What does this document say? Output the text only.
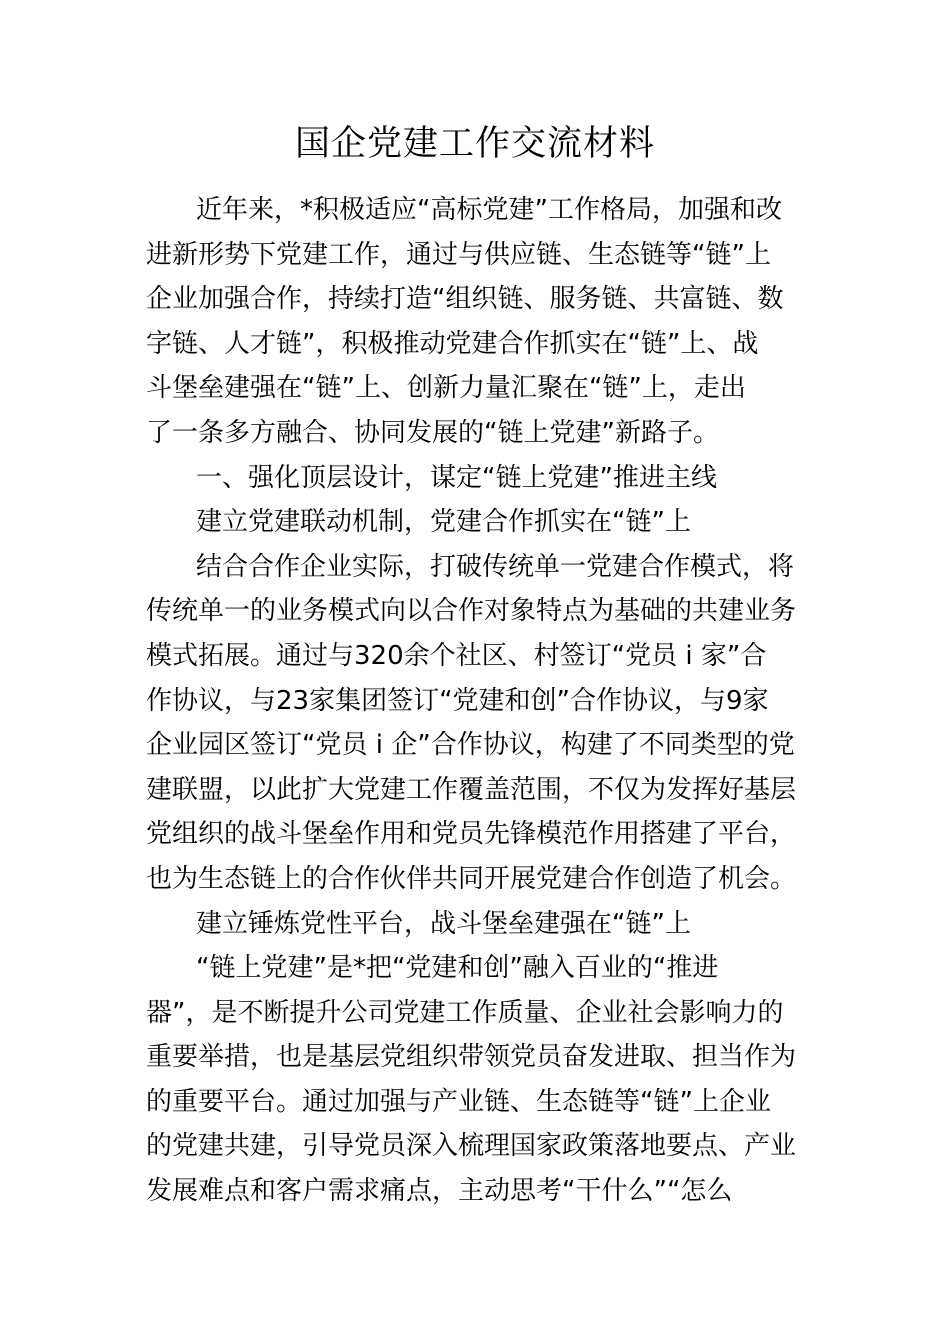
国企党建工作交流材料
近年来，*积极适应“高标党建”工作格局，加强和改
进新形势下党建工作，通过与供应链、生态链等“链”上
企业加强合作，持续打造“组织链、服务链、共富链、数
字链、人才链”，积极推动党建合作抓实在“链”上、战
斗堡垒建强在“链”上、创新力量汇聚在“链”上，走出
了一条多方融合、协同发展的“链上党建”新路子。
一、强化顶层设计，谋定“链上党建”推进主线
建立党建联动机制，党建合作抓实在“链”上
结合合作企业实际，打破传统单一党建合作模式，将
传统单一的业务模式向以合作对象特点为基础的共建业务
模式拓展。通过与320余个社区、村签订“党员 i 家”合
作协议，与23家集团签订“党建和创”合作协议，与9家
企业园区签订“党员 i 企”合作协议，构建了不同类型的党
建联盟，以此扩大党建工作覆盖范围，不仅为发挥好基层
党组织的战斗堡垒作用和党员先锋模范作用搭建了平台，
也为生态链上的合作伙伴共同开展党建合作创造了机会。
建立锤炼党性平台，战斗堡垒建强在“链”上
“链上党建”是*把“党建和创”融入百业的“推进
器”，是不断提升公司党建工作质量、企业社会影响力的
重要举措，也是基层党组织带领党员奋发进取、担当作为
的重要平台。通过加强与产业链、生态链等“链”上企业
的党建共建，引导党员深入梳理国家政策落地要点、产业
发展难点和客户需求痛点，主动思考“干什么”“怎么
